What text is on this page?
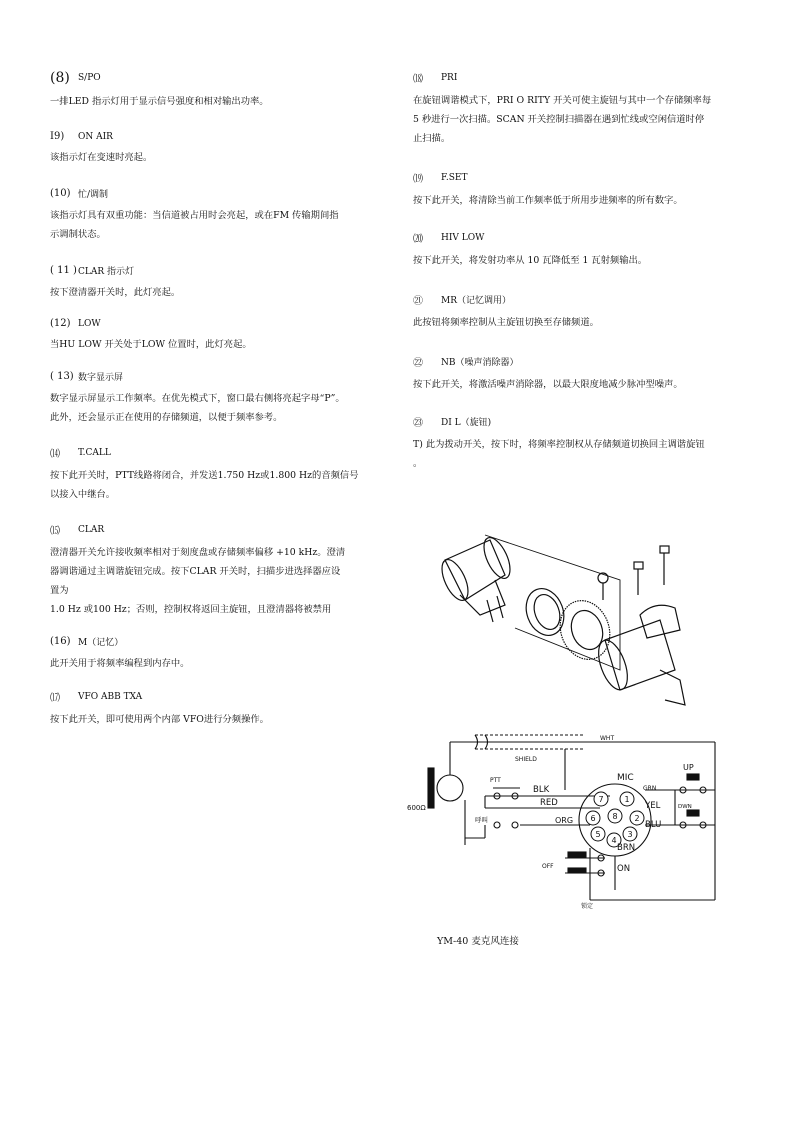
(8) S/PO
一排LED 指示灯用于显示信号强度和相对输出功率。
I9)	ON AIR
该指示灯在变速时亮起。
(10) 忙/调制
该指示灯具有双重功能：当信道被占用时会亮起，或在FM 传输期间指
示调制状态。
( 11 ) CLAR 指示灯
按下澄清器开关时，此灯亮起。
(12) LOW
当HU LOW 开关处于LOW 位置时，此灯亮起。
( 13) 数字显示屏
数字显示屏显示工作频率。在优先模式下，窗口最右侧将亮起字母“P”。
此外，还会显示正在使用的存储频道，以便于频率参考。
⒁	T.CALL
按下此开关时，PTT线路将闭合，并发送1.750 Hz或1.800 Hz的音频信号
以接入中继台。
⒂	CLAR
澄清器开关允许接收频率相对于刻度盘或存储频率偏移 +10 kHz。澄清
器调谐通过主调谐旋钮完成。按下CLAR 开关时，扫描步进选择器应设
置为
1.0 Hz 或100 Hz；否则，控制权将返回主旋钮，且澄清器将被禁用
(16) M（记忆）
此开关用于将频率编程到内存中。
⒄	VFO ABB TXA
按下此开关，即可使用两个内部 VFO进行分频操作。
⒅	PRI
在旋钮调谐模式下，PRI O RITY 开关可使主旋钮与其中一个存储频率每
5 秒进行一次扫描。SCAN 开关控制扫描器在遇到忙线或空闲信道时停
止扫描。
⒆	F.SET
按下此开关，将清除当前工作频率低于所用步进频率的所有数字。
⒇	HIV LOW
按下此开关，将发射功率从 10 瓦降低至 1 瓦射频输出。
㉑	MR（记忆调用）
此按钮将频率控制从主旋钮切换至存储频道。
㉒	NB（噪声消除器）
按下此开关，将激活噪声消除器，以最大限度地减少脉冲型噪声。
㉓	DI L（旋钮)
T) 此为拨动开关，按下时，将频率控制权从存储频道切换回主调谐旋钮
。
7	1
6 8 2
5	3
4
WHT
SHIELD
PTT
BLK
RED
MIC
GRN
YEL
UP
DWN
ORG	BLU
BRN
ON
OFF
呼叫
锁定
600Ω
YM-40 麦克风连接
